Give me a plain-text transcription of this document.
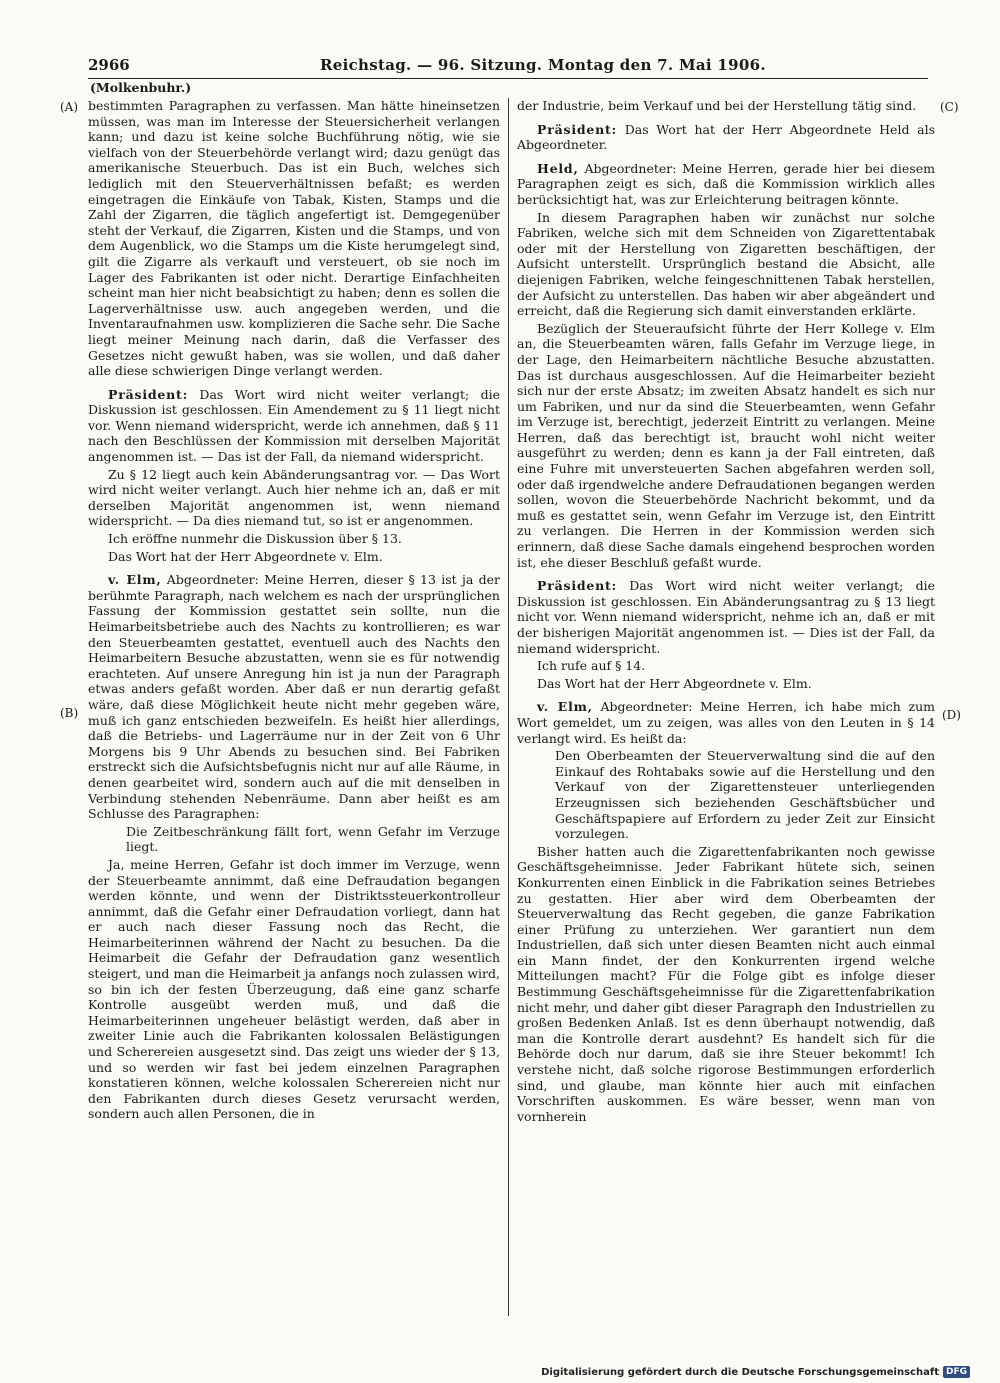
2966	Reichstag. — 96. Sitzung. Montag den 7. Mai 1906.
(Molkenbuhr.)
(A)
(B)
(C)
(D)

bestimmten Paragraphen zu verfassen. Man hätte hineinsetzen müssen, was man im Interesse der Steuersicherheit verlangen kann; und dazu ist keine solche Buchführung nötig, wie sie vielfach von der Steuerbehörde verlangt wird; dazu genügt das amerikanische Steuerbuch. Das ist ein Buch, welches sich lediglich mit den Steuerverhältnissen befaßt; es werden eingetragen die Einkäufe von Tabak, Kisten, Stamps und die Zahl der Zigarren, die täglich angefertigt ist. Demgegenüber steht der Verkauf, die Zigarren, Kisten und die Stamps, und von dem Augenblick, wo die Stamps um die Kiste herumgelegt sind, gilt die Zigarre als verkauft und versteuert, ob sie noch im Lager des Fabrikanten ist oder nicht. Derartige Einfachheiten scheint man hier nicht beabsichtigt zu haben; denn es sollen die Lagerverhältnisse usw. auch angegeben werden, und die Inventaraufnahmen usw. komplizieren die Sache sehr. Die Sache liegt meiner Meinung nach darin, daß die Verfasser des Gesetzes nicht gewußt haben, was sie wollen, und daß daher alle diese schwierigen Dinge verlangt werden.

Präsident: Das Wort wird nicht weiter verlangt; die Diskussion ist geschlossen. Ein Amendement zu § 11 liegt nicht vor. Wenn niemand widerspricht, werde ich annehmen, daß § 11 nach den Beschlüssen der Kommission mit derselben Majorität angenommen ist. — Das ist der Fall, da niemand widerspricht.

Zu § 12 liegt auch kein Abänderungsantrag vor. — Das Wort wird nicht weiter verlangt. Auch hier nehme ich an, daß er mit derselben Majorität angenommen ist, wenn niemand widerspricht. — Da dies niemand tut, so ist er angenommen.

Ich eröffne nunmehr die Diskussion über § 13.

Das Wort hat der Herr Abgeordnete v. Elm.

v. Elm, Abgeordneter: Meine Herren, dieser § 13 ist ja der berühmte Paragraph, nach welchem es nach der ursprünglichen Fassung der Kommission gestattet sein sollte, nun die Heimarbeitsbetriebe auch des Nachts zu kontrollieren; es war den Steuerbeamten gestattet, eventuell auch des Nachts den Heimarbeitern Besuche abzustatten, wenn sie es für notwendig erachteten. Auf unsere Anregung hin ist ja nun der Paragraph etwas anders gefaßt worden. Aber daß er nun derartig gefaßt wäre, daß diese Möglichkeit heute nicht mehr gegeben wäre, muß ich ganz entschieden bezweifeln. Es heißt hier allerdings, daß die Betriebs- und Lagerräume nur in der Zeit von 6 Uhr Morgens bis 9 Uhr Abends zu besuchen sind. Bei Fabriken erstreckt sich die Aufsichtsbefugnis nicht nur auf alle Räume, in denen gearbeitet wird, sondern auch auf die mit denselben in Verbindung stehenden Nebenräume. Dann aber heißt es am Schlusse des Paragraphen:

Die Zeitbeschränkung fällt fort, wenn Gefahr im Verzuge liegt.

Ja, meine Herren, Gefahr ist doch immer im Verzuge, wenn der Steuerbeamte annimmt, daß eine Defraudation begangen werden könnte, und wenn der Distriktssteuerkontrolleur annimmt, daß die Gefahr einer Defraudation vorliegt, dann hat er auch nach dieser Fassung noch das Recht, die Heimarbeiterinnen während der Nacht zu besuchen. Da die Heimarbeit die Gefahr der Defraudation ganz wesentlich steigert, und man die Heimarbeit ja anfangs noch zulassen wird, so bin ich der festen Überzeugung, daß eine ganz scharfe Kontrolle ausgeübt werden muß, und daß die Heimarbeiterinnen ungeheuer belästigt werden, daß aber in zweiter Linie auch die Fabrikanten kolossalen Belästigungen und Scherereien ausgesetzt sind. Das zeigt uns wieder der § 13, und so werden wir fast bei jedem einzelnen Paragraphen konstatieren können, welche kolossalen Scherereien nicht nur den Fabrikanten durch dieses Gesetz verursacht werden, sondern auch allen Personen, die in

der Industrie, beim Verkauf und bei der Herstellung tätig sind.

Präsident: Das Wort hat der Herr Abgeordnete Held als Abgeordneter.

Held, Abgeordneter: Meine Herren, gerade hier bei diesem Paragraphen zeigt es sich, daß die Kommission wirklich alles berücksichtigt hat, was zur Erleichterung beitragen könnte.

In diesem Paragraphen haben wir zunächst nur solche Fabriken, welche sich mit dem Schneiden von Zigarettentabak oder mit der Herstellung von Zigaretten beschäftigen, der Aufsicht unterstellt. Ursprünglich bestand die Absicht, alle diejenigen Fabriken, welche feingeschnittenen Tabak herstellen, der Aufsicht zu unterstellen. Das haben wir aber abgeändert und erreicht, daß die Regierung sich damit einverstanden erklärte.

Bezüglich der Steueraufsicht führte der Herr Kollege v. Elm an, die Steuerbeamten wären, falls Gefahr im Verzuge liege, in der Lage, den Heimarbeitern nächtliche Besuche abzustatten. Das ist durchaus ausgeschlossen. Auf die Heimarbeiter bezieht sich nur der erste Absatz; im zweiten Absatz handelt es sich nur um Fabriken, und nur da sind die Steuerbeamten, wenn Gefahr im Verzuge ist, berechtigt, jederzeit Eintritt zu verlangen. Meine Herren, daß das berechtigt ist, braucht wohl nicht weiter ausgeführt zu werden; denn es kann ja der Fall eintreten, daß eine Fuhre mit unversteuerten Sachen abgefahren werden soll, oder daß irgendwelche andere Defraudationen begangen werden sollen, wovon die Steuerbehörde Nachricht bekommt, und da muß es gestattet sein, wenn Gefahr im Verzuge ist, den Eintritt zu verlangen. Die Herren in der Kommission werden sich erinnern, daß diese Sache damals eingehend besprochen worden ist, ehe dieser Beschluß gefaßt wurde.

Präsident: Das Wort wird nicht weiter verlangt; die Diskussion ist geschlossen. Ein Abänderungsantrag zu § 13 liegt nicht vor. Wenn niemand widerspricht, nehme ich an, daß er mit der bisherigen Majorität angenommen ist. — Dies ist der Fall, da niemand widerspricht.

Ich rufe auf § 14.

Das Wort hat der Herr Abgeordnete v. Elm.

v. Elm, Abgeordneter: Meine Herren, ich habe mich zum Wort gemeldet, um zu zeigen, was alles von den Leuten in § 14 verlangt wird. Es heißt da:

Den Oberbeamten der Steuerverwaltung sind die auf den Einkauf des Rohtabaks sowie auf die Herstellung und den Verkauf von der Zigarettensteuer unterliegenden Erzeugnissen sich beziehenden Geschäftsbücher und Geschäftspapiere auf Erfordern zu jeder Zeit zur Einsicht vorzulegen.

Bisher hatten auch die Zigarettenfabrikanten noch gewisse Geschäftsgeheimnisse. Jeder Fabrikant hütete sich, seinen Konkurrenten einen Einblick in die Fabrikation seines Betriebes zu gestatten. Hier aber wird dem Oberbeamten der Steuerverwaltung das Recht gegeben, die ganze Fabrikation einer Prüfung zu unterziehen. Wer garantiert nun dem Industriellen, daß sich unter diesen Beamten nicht auch einmal ein Mann findet, der den Konkurrenten irgend welche Mitteilungen macht? Für die Folge gibt es infolge dieser Bestimmung Geschäftsgeheimnisse für die Zigarettenfabrikation nicht mehr, und daher gibt dieser Paragraph den Industriellen zu großen Bedenken Anlaß. Ist es denn überhaupt notwendig, daß man die Kontrolle derart ausdehnt? Es handelt sich für die Behörde doch nur darum, daß sie ihre Steuer bekommt! Ich verstehe nicht, daß solche rigorose Bestimmungen erforderlich sind, und glaube, man könnte hier auch mit einfachen Vorschriften auskommen. Es wäre besser, wenn man von vornherein

Digitalisierung gefördert durch die Deutsche Forschungsgemeinschaft DFG
